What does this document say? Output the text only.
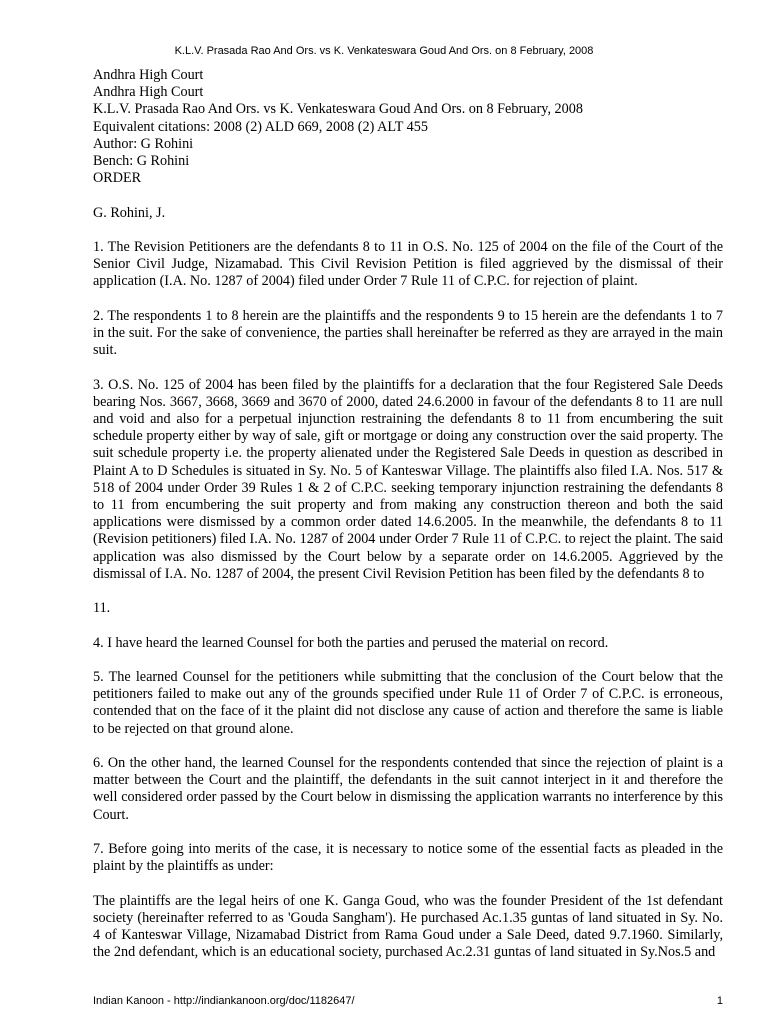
K.L.V. Prasada Rao And Ors. vs K. Venkateswara Goud And Ors. on 8 February, 2008
Andhra High Court
Andhra High Court
K.L.V. Prasada Rao And Ors. vs K. Venkateswara Goud And Ors. on 8 February, 2008
Equivalent citations: 2008 (2) ALD 669, 2008 (2) ALT 455
Author: G Rohini
Bench: G Rohini
ORDER

G. Rohini, J.

1. The Revision Petitioners are the defendants 8 to 11 in O.S. No. 125 of 2004 on the file of the Court of the Senior Civil Judge, Nizamabad. This Civil Revision Petition is filed aggrieved by the dismissal of their application (I.A. No. 1287 of 2004) filed under Order 7 Rule 11 of C.P.C. for rejection of plaint.

2. The respondents 1 to 8 herein are the plaintiffs and the respondents 9 to 15 herein are the defendants 1 to 7 in the suit. For the sake of convenience, the parties shall hereinafter be referred as they are arrayed in the main suit.

3. O.S. No. 125 of 2004 has been filed by the plaintiffs for a declaration that the four Registered Sale Deeds bearing Nos. 3667, 3668, 3669 and 3670 of 2000, dated 24.6.2000 in favour of the defendants 8 to 11 are null and void and also for a perpetual injunction restraining the defendants 8 to 11 from encumbering the suit schedule property either by way of sale, gift or mortgage or doing any construction over the said property. The suit schedule property i.e. the property alienated under the Registered Sale Deeds in question as described in Plaint A to D Schedules is situated in Sy. No. 5 of Kanteswar Village. The plaintiffs also filed I.A. Nos. 517 & 518 of 2004 under Order 39 Rules 1 & 2 of C.P.C. seeking temporary injunction restraining the defendants 8 to 11 from encumbering the suit property and from making any construction thereon and both the said applications were dismissed by a common order dated 14.6.2005. In the meanwhile, the defendants 8 to 11 (Revision petitioners) filed I.A. No. 1287 of 2004 under Order 7 Rule 11 of C.P.C. to reject the plaint. The said application was also dismissed by the Court below by a separate order on 14.6.2005. Aggrieved by the dismissal of I.A. No. 1287 of 2004, the present Civil Revision Petition has been filed by the defendants 8 to

11.

4. I have heard the learned Counsel for both the parties and perused the material on record.

5. The learned Counsel for the petitioners while submitting that the conclusion of the Court below that the petitioners failed to make out any of the grounds specified under Rule 11 of Order 7 of C.P.C. is erroneous, contended that on the face of it the plaint did not disclose any cause of action and therefore the same is liable to be rejected on that ground alone.

6. On the other hand, the learned Counsel for the respondents contended that since the rejection of plaint is a matter between the Court and the plaintiff, the defendants in the suit cannot interject in it and therefore the well considered order passed by the Court below in dismissing the application warrants no interference by this Court.

7. Before going into merits of the case, it is necessary to notice some of the essential facts as pleaded in the plaint by the plaintiffs as under:

The plaintiffs are the legal heirs of one K. Ganga Goud, who was the founder President of the 1st defendant society (hereinafter referred to as 'Gouda Sangham'). He purchased Ac.1.35 guntas of land situated in Sy. No. 4 of Kanteswar Village, Nizamabad District from Rama Goud under a Sale Deed, dated 9.7.1960. Similarly, the 2nd defendant, which is an educational society, purchased Ac.2.31 guntas of land situated in Sy.Nos.5 and

Indian Kanoon - http://indiankanoon.org/doc/1182647/	1
